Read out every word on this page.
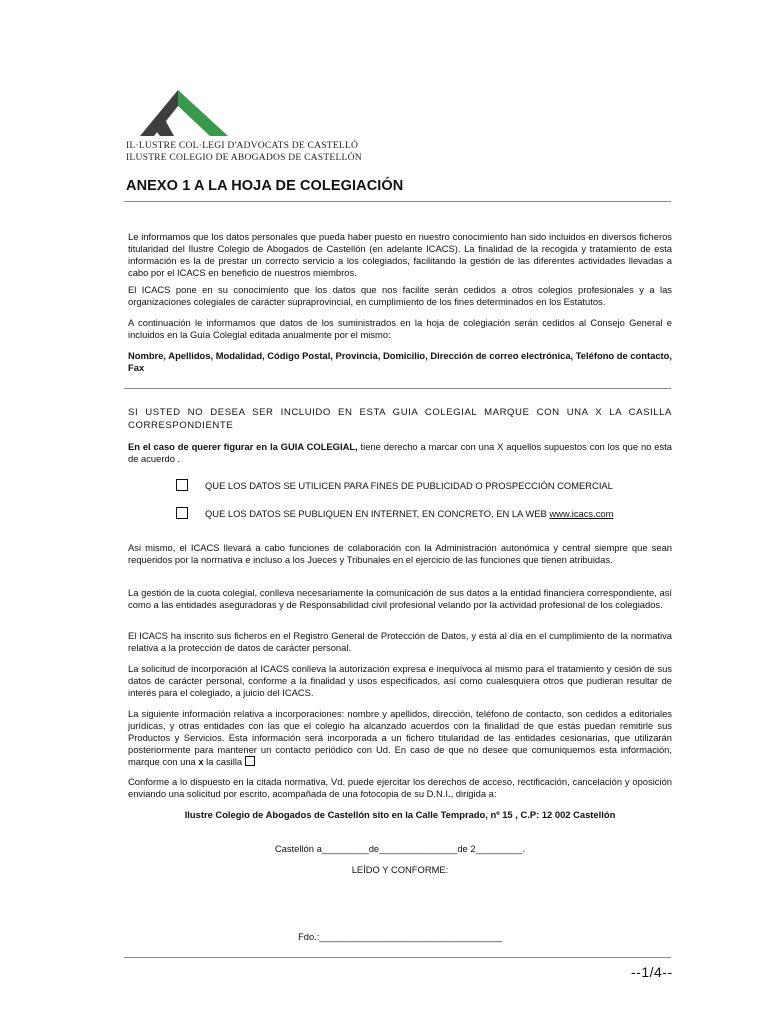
IL·LUSTRE COL·LEGI D'ADVOCATS DE CASTELLÓ
ILUSTRE COLEGIO DE ABOGADOS DE CASTELLÓN
ANEXO 1 A LA HOJA DE COLEGIACIÓN

Le informamos que los datos personales que pueda haber puesto en nuestro conocimiento han sido incluidos en diversos ficheros titularidad del Ilustre Colegio de Abogados de Castellón (en adelante ICACS). La finalidad de la recogida y tratamiento de esta información es la de prestar un correcto servicio a los colegiados, facilitando la gestión de las diferentes actividades llevadas a cabo por el ICACS en beneficio de nuestros miembros.

El ICACS pone en su conocimiento que los datos que nos facilite serán cedidos a otros colegios profesionales y a las organizaciones colegiales de carácter supraprovincial, en cumplimiento de los fines determinados en los Estatutos.

A continuación le informamos que datos de los suministrados en la hoja de colegiación serán cedidos al Consejo General e incluidos en la Guía Colegial editada anualmente por el mismo:

Nombre, Apellidos, Modalidad, Código Postal, Provincia, Domicilio, Dirección de correo electrónica, Teléfono de contacto, Fax

SI USTED NO DESEA SER INCLUIDO EN ESTA GUIA COLEGIAL MARQUE CON UNA X LA CASILLA CORRESPONDIENTE

En el caso de querer figurar en la GUIA COLEGIAL, tiene derecho a marcar con una X aquellos supuestos con los que no esta de acuerdo .

QUE LOS DATOS SE UTILICEN PARA FINES DE PUBLICIDAD O PROSPECCIÓN COMERCIAL
QUE LOS DATOS SE PUBLIQUEN EN INTERNET, EN CONCRETO, EN LA WEB www.icacs.com

Asi mismo, el ICACS llevará a cabo funciones de colaboración con la Administración autonómica y central siempre que sean requeridos por la norrnativa e incluso a los Jueces y Tribunales en el ejercicio de las funciones que tienen atribuidas.

La gestión de la cuota colegial, conlleva necesariamente la comunicación de sus datos a la entidad financiera correspondiente, así como a las entidades aseguradoras y de Responsabilidad civil profesional velando por la actividad profesional de los colegiados.

El ICACS ha inscrito sus ficheros en el Registro General de Protección de Datos, y está al día en el cumplimiento de la normativa relativa a la protección de datos de carácter personal.

La solicitud de incorporación al ICACS conlleva la autorización expresa e inequívoca al mismo para el tratamiento y cesión de sus datos de carácter personal, conforme a la finalidad y usos especificados, así como cualesquiera otros que pudieran resultar de interés para el colegiado, a juicio del ICACS.

La siguiente información relativa a incorporaciones: nombre y apellidos, dirección, teléfono de contacto, son cedidos a editoriales jurídicas, y otras entidades con las que el colegio ha alcanzado acuerdos con la finalidad de que estás puedan remitirle sus Productos y Servicios. Esta información será incorporada a un fichero titularidad de las entidades cesionarias, que utilizarán posteriormente para mantener un contacto periódico con Ud. En caso de que no desee que comuniquemos esta información, marque con una x la casilla

Conforme a lo dispuesto en la citada normativa, Vd. puede ejercitar los derechos de acceso, rectificación, cancelación y oposición enviando una solicitud por escrito, acompañada de una fotocopia de su D.N.I., dirigida a:

Ilustre Colegio de Abogados de Castellón sito en la Calle Temprado, nº 15 , C.P: 12 002 Castellón
Castellón a_________de_______________de 2_________.
LEÍDO Y CONFORME:
Fdo.:___________________________________
--1/4--
